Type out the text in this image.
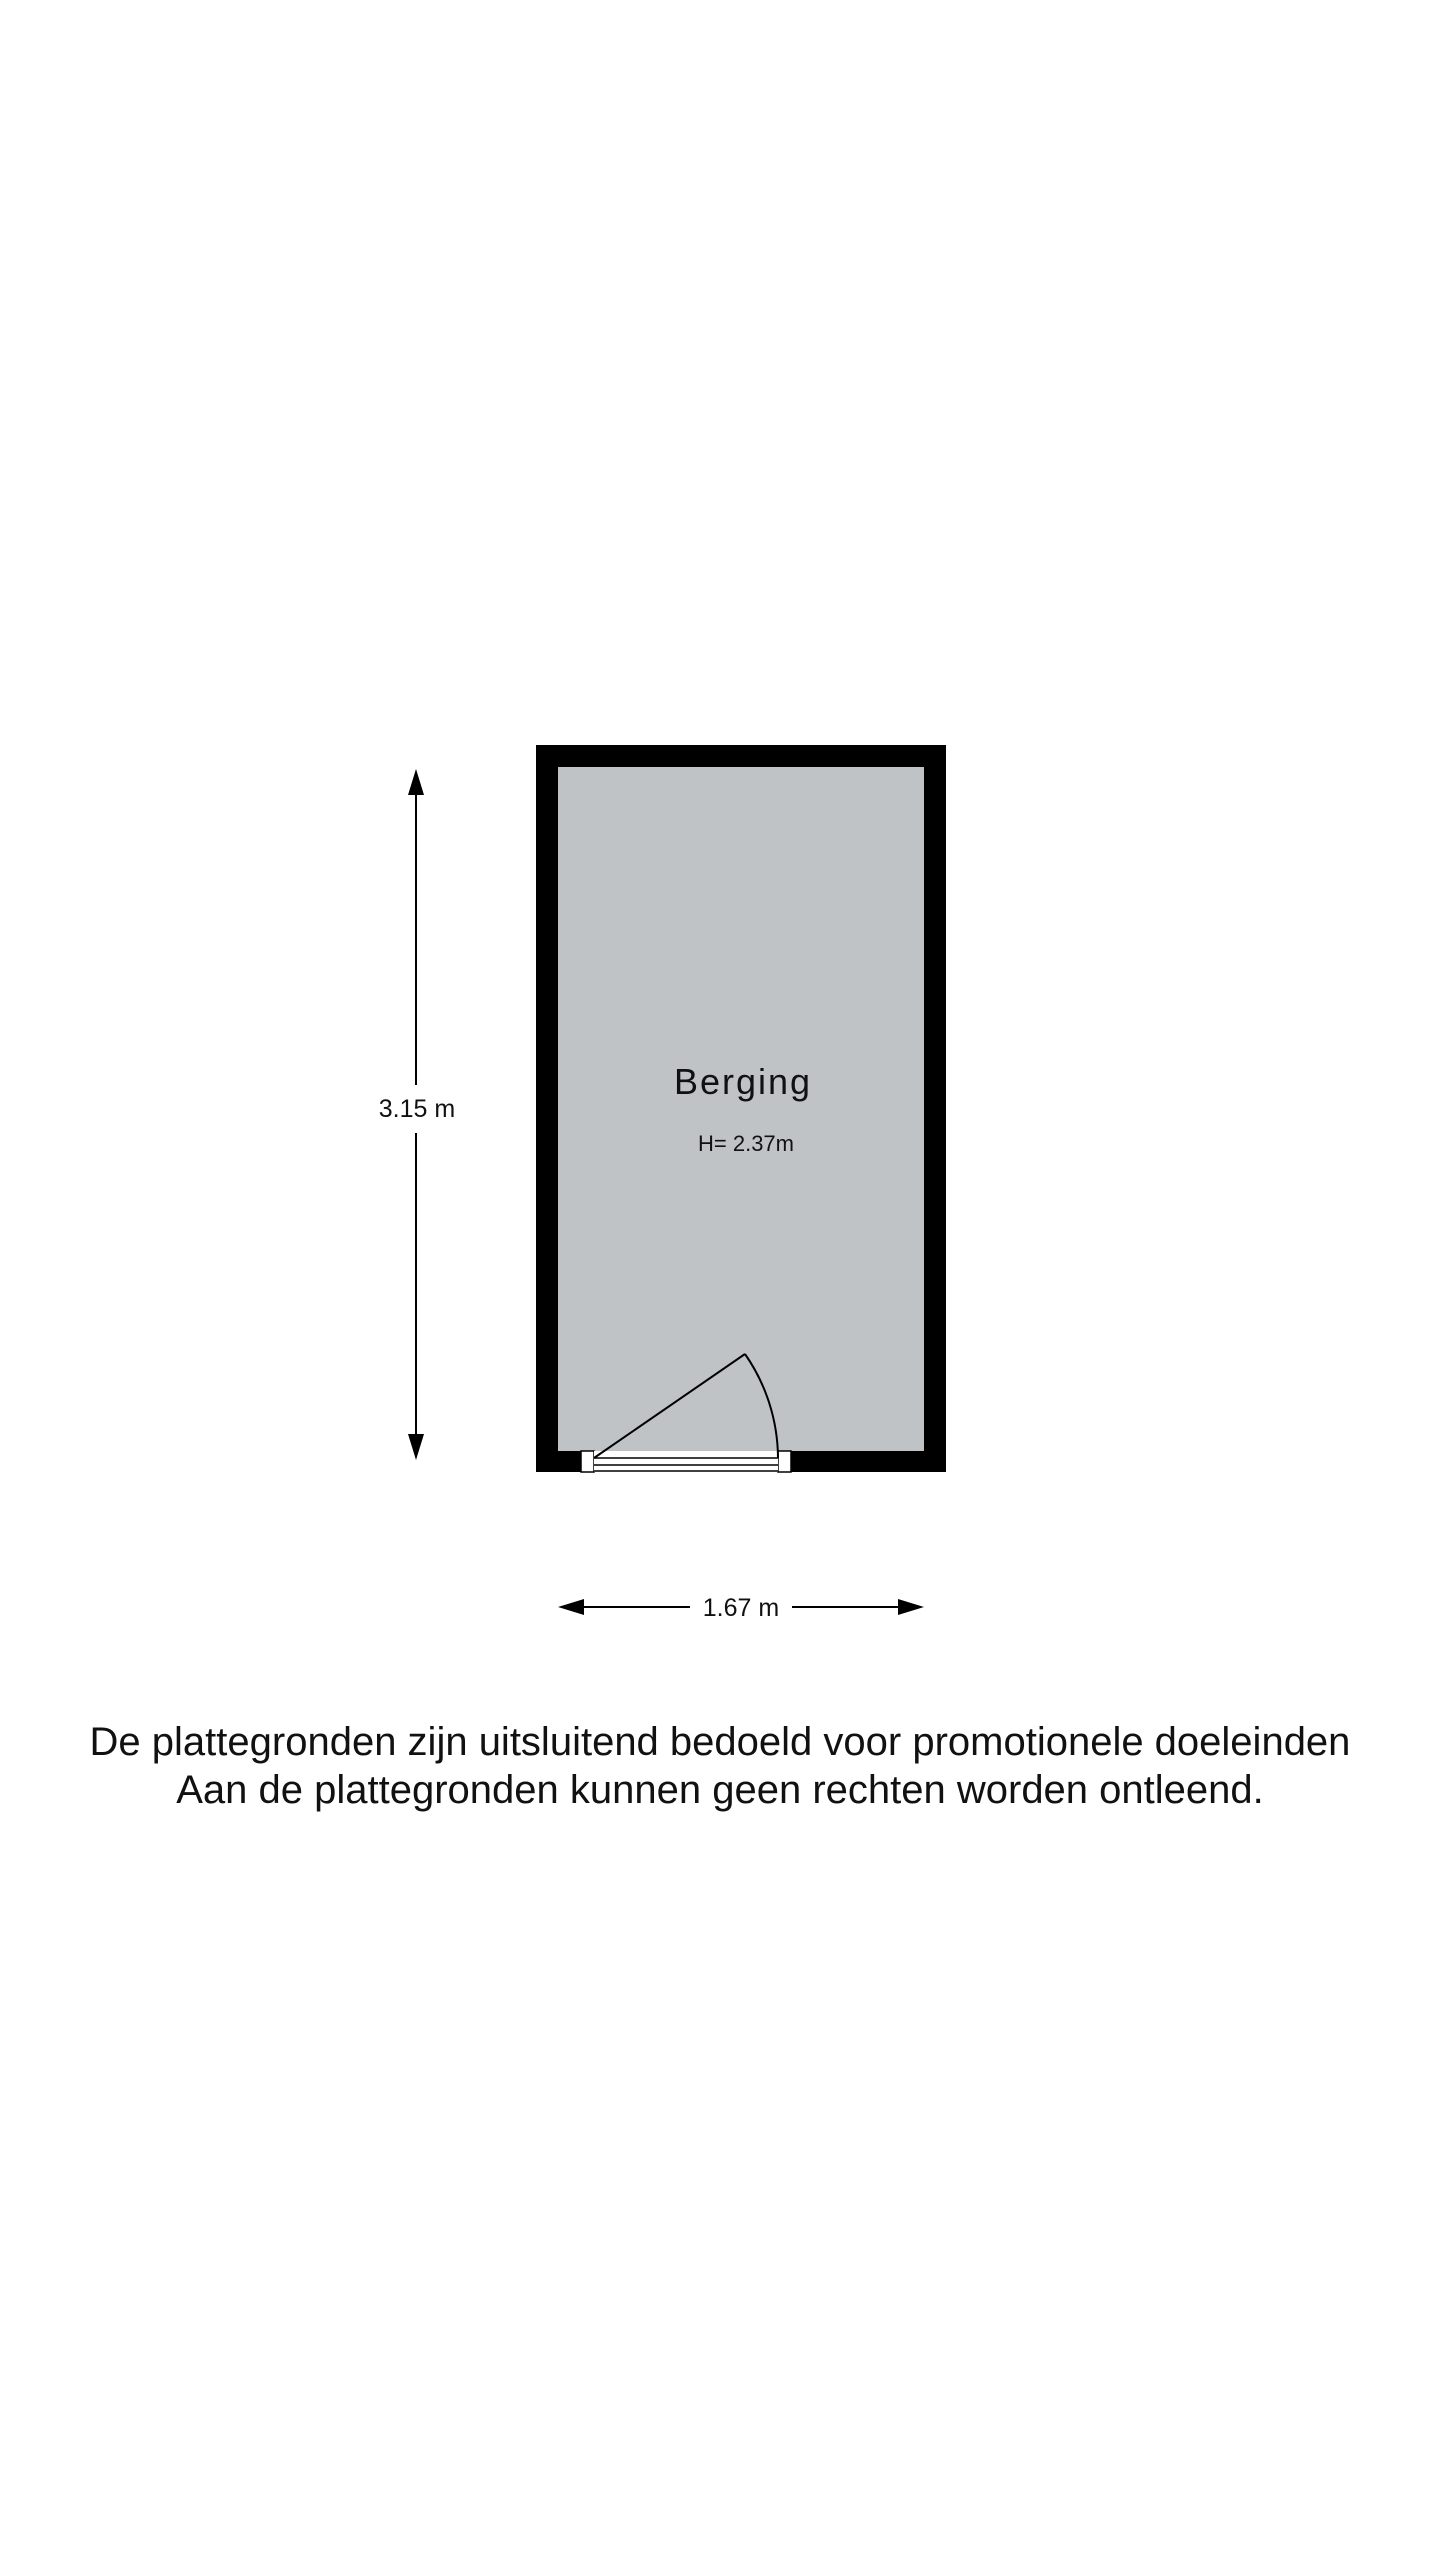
Berging
H= 2.37m
3.15 m
1.67 m
De plattegronden zijn uitsluitend bedoeld voor promotionele doeleinden
Aan de plattegronden kunnen geen rechten worden ontleend.
